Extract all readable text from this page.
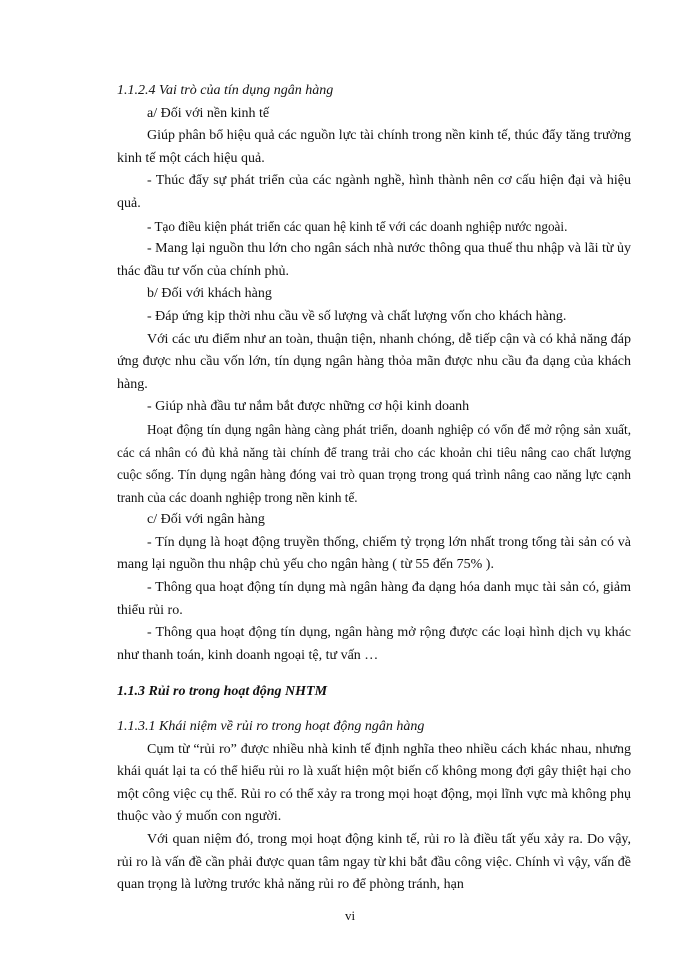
1.1.2.4 Vai trò của tín dụng ngân hàng

a/ Đối với nền kinh tế

Giúp phân bổ hiệu quả các nguồn lực tài chính trong nền kinh tế, thúc đẩy tăng trưởng kinh tế một cách hiệu quả.

- Thúc đẩy sự phát triển của các ngành nghề, hình thành nên cơ cấu hiện đại và hiệu quả.

- Tạo điều kiện phát triển các quan hệ kinh tế với các doanh nghiệp nước ngoài.

- Mang lại nguồn thu lớn cho ngân sách nhà nước thông qua thuế thu nhập và lãi từ ủy thác đầu tư vốn của chính phủ.

b/ Đối với khách hàng

- Đáp ứng kịp thời nhu cầu về số lượng và chất lượng vốn cho khách hàng.

Với các ưu điểm như an toàn, thuận tiện, nhanh chóng, dễ tiếp cận và có khả năng đáp ứng được nhu cầu vốn lớn, tín dụng ngân hàng thỏa mãn được nhu cầu đa dạng của khách hàng.

- Giúp nhà đầu tư nắm bắt được những cơ hội kinh doanh

Hoạt động tín dụng ngân hàng càng phát triển, doanh nghiệp có vốn để mở rộng sản xuất, các cá nhân có đủ khả năng tài chính để trang trải cho các khoản chi tiêu nâng cao chất lượng cuộc sống. Tín dụng ngân hàng đóng vai trò quan trọng trong quá trình nâng cao năng lực cạnh tranh của các doanh nghiệp trong nền kinh tế.

c/ Đối với ngân hàng

- Tín dụng là hoạt động truyền thống, chiếm tỷ trọng lớn nhất trong tổng tài sản có và mang lại nguồn thu nhập chủ yếu cho ngân hàng ( từ 55 đến 75% ).

- Thông qua hoạt động tín dụng mà ngân hàng đa dạng hóa danh mục tài sản có, giảm thiểu rủi ro.

- Thông qua hoạt động tín dụng, ngân hàng mở rộng được các loại hình dịch vụ khác như thanh toán, kinh doanh ngoại tệ, tư vấn …

1.1.3 Rủi ro trong hoạt động NHTM

1.1.3.1 Khái niệm về rủi ro trong hoạt động ngân hàng

Cụm từ “rủi ro” được nhiều nhà kinh tế định nghĩa theo nhiều cách khác nhau, nhưng khái quát lại ta có thể hiểu rủi ro là xuất hiện một biến cố không mong đợi gây thiệt hại cho một công việc cụ thể. Rủi ro có thể xảy ra trong mọi hoạt động, mọi lĩnh vực mà không phụ thuộc vào ý muốn con người.

Với quan niệm đó, trong mọi hoạt động kinh tế, rủi ro là điều tất yếu xảy ra. Do vậy, rủi ro là vấn đề cần phải được quan tâm ngay từ khi bắt đầu công việc. Chính vì vậy, vấn đề quan trọng là lường trước khả năng rủi ro để phòng tránh, hạn

vi
